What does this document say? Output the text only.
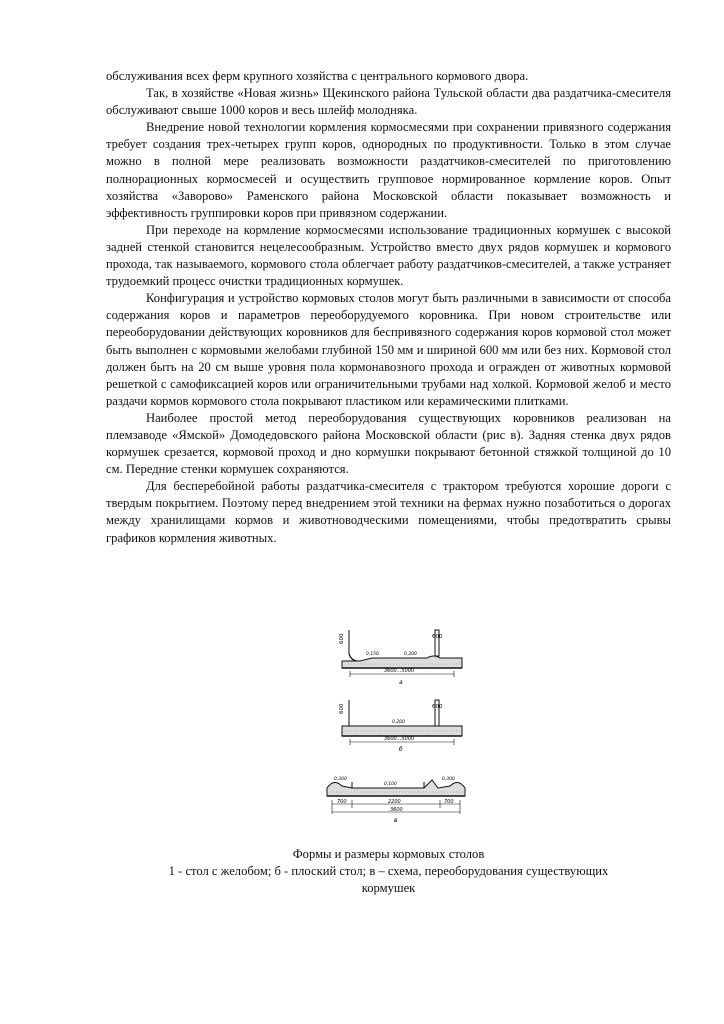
обслуживания всех ферм крупного хозяйства с центрального кормового двора.

Так, в хозяйстве «Новая жизнь» Щекинского района Тульской области два раздатчика-смесителя обслуживают свыше 1000 коров и весь шлейф молодняка.

Внедрение новой технологии кормления кормосмесями при сохранении привязного содержания требует создания трех-четырех групп коров, однородных по продуктивности. Только в этом случае можно в полной мере реализовать возможности раздатчиков-смесителей по приготовлению полнорационных кормосмесей и осуществить групповое нормированное кормление коров. Опыт хозяйства «Заворово» Раменского района Московской области показывает возможность и эффективность группировки коров при привязном содержании.

При переходе на кормление кормосмесями использование традиционных кормушек с высокой задней стенкой становится нецелесообразным. Устройство вместо двух рядов кормушек и кормового прохода, так называемого, кормового стола облегчает работу раздатчиков-смесителей, а также устраняет трудоемкий процесс очистки традиционных кормушек.

Конфигурация и устройство кормовых столов могут быть различными в зависимости от способа содержания коров и параметров переоборудуемого коровника. При новом строительстве или переоборудовании действующих коровников для беспривязного содержания коров кормовой стол может быть выполнен с кормовыми желобами глубиной 150 мм и шириной 600 мм или без них. Кормовой стол должен быть на 20 см выше уровня пола кормонавозного прохода и огражден от животных кормовой решеткой с самофиксацией коров или ограничительными трубами над холкой. Кормовой желоб и место раздачи кормов кормового стола покрывают пластиком или керамическими плитками.

Наиболее простой метод переоборудования существующих коровников реализован на племзаводе «Ямской» Домодедовского района Московской области (рис в). Задняя стенка двух рядов кормушек срезается, кормовой проход и дно кормушки покрывают бетонной стяжкой толщиной до 10 см. Передние стенки кормушек сохраняются.

Для бесперебойной работы раздатчика-смесителя с трактором требуются хорошие дороги с твердым покрытием. Поэтому перед внедрением этой техники на фермах нужно позаботиться о дорогах между хранилищами кормов и животноводческими помещениями, чтобы предотвратить срывы графиков кормления животных.

600	600
0,150	0,200
3600...5000
а
600	600
0,200
3600...5000
б
0,300
0,100
0,300
700	2200	700
3600
в
Формы и размеры кормовых столов
1 - стол с желобом; б - плоский стол; в – схема, переоборудования существующих
кормушек
